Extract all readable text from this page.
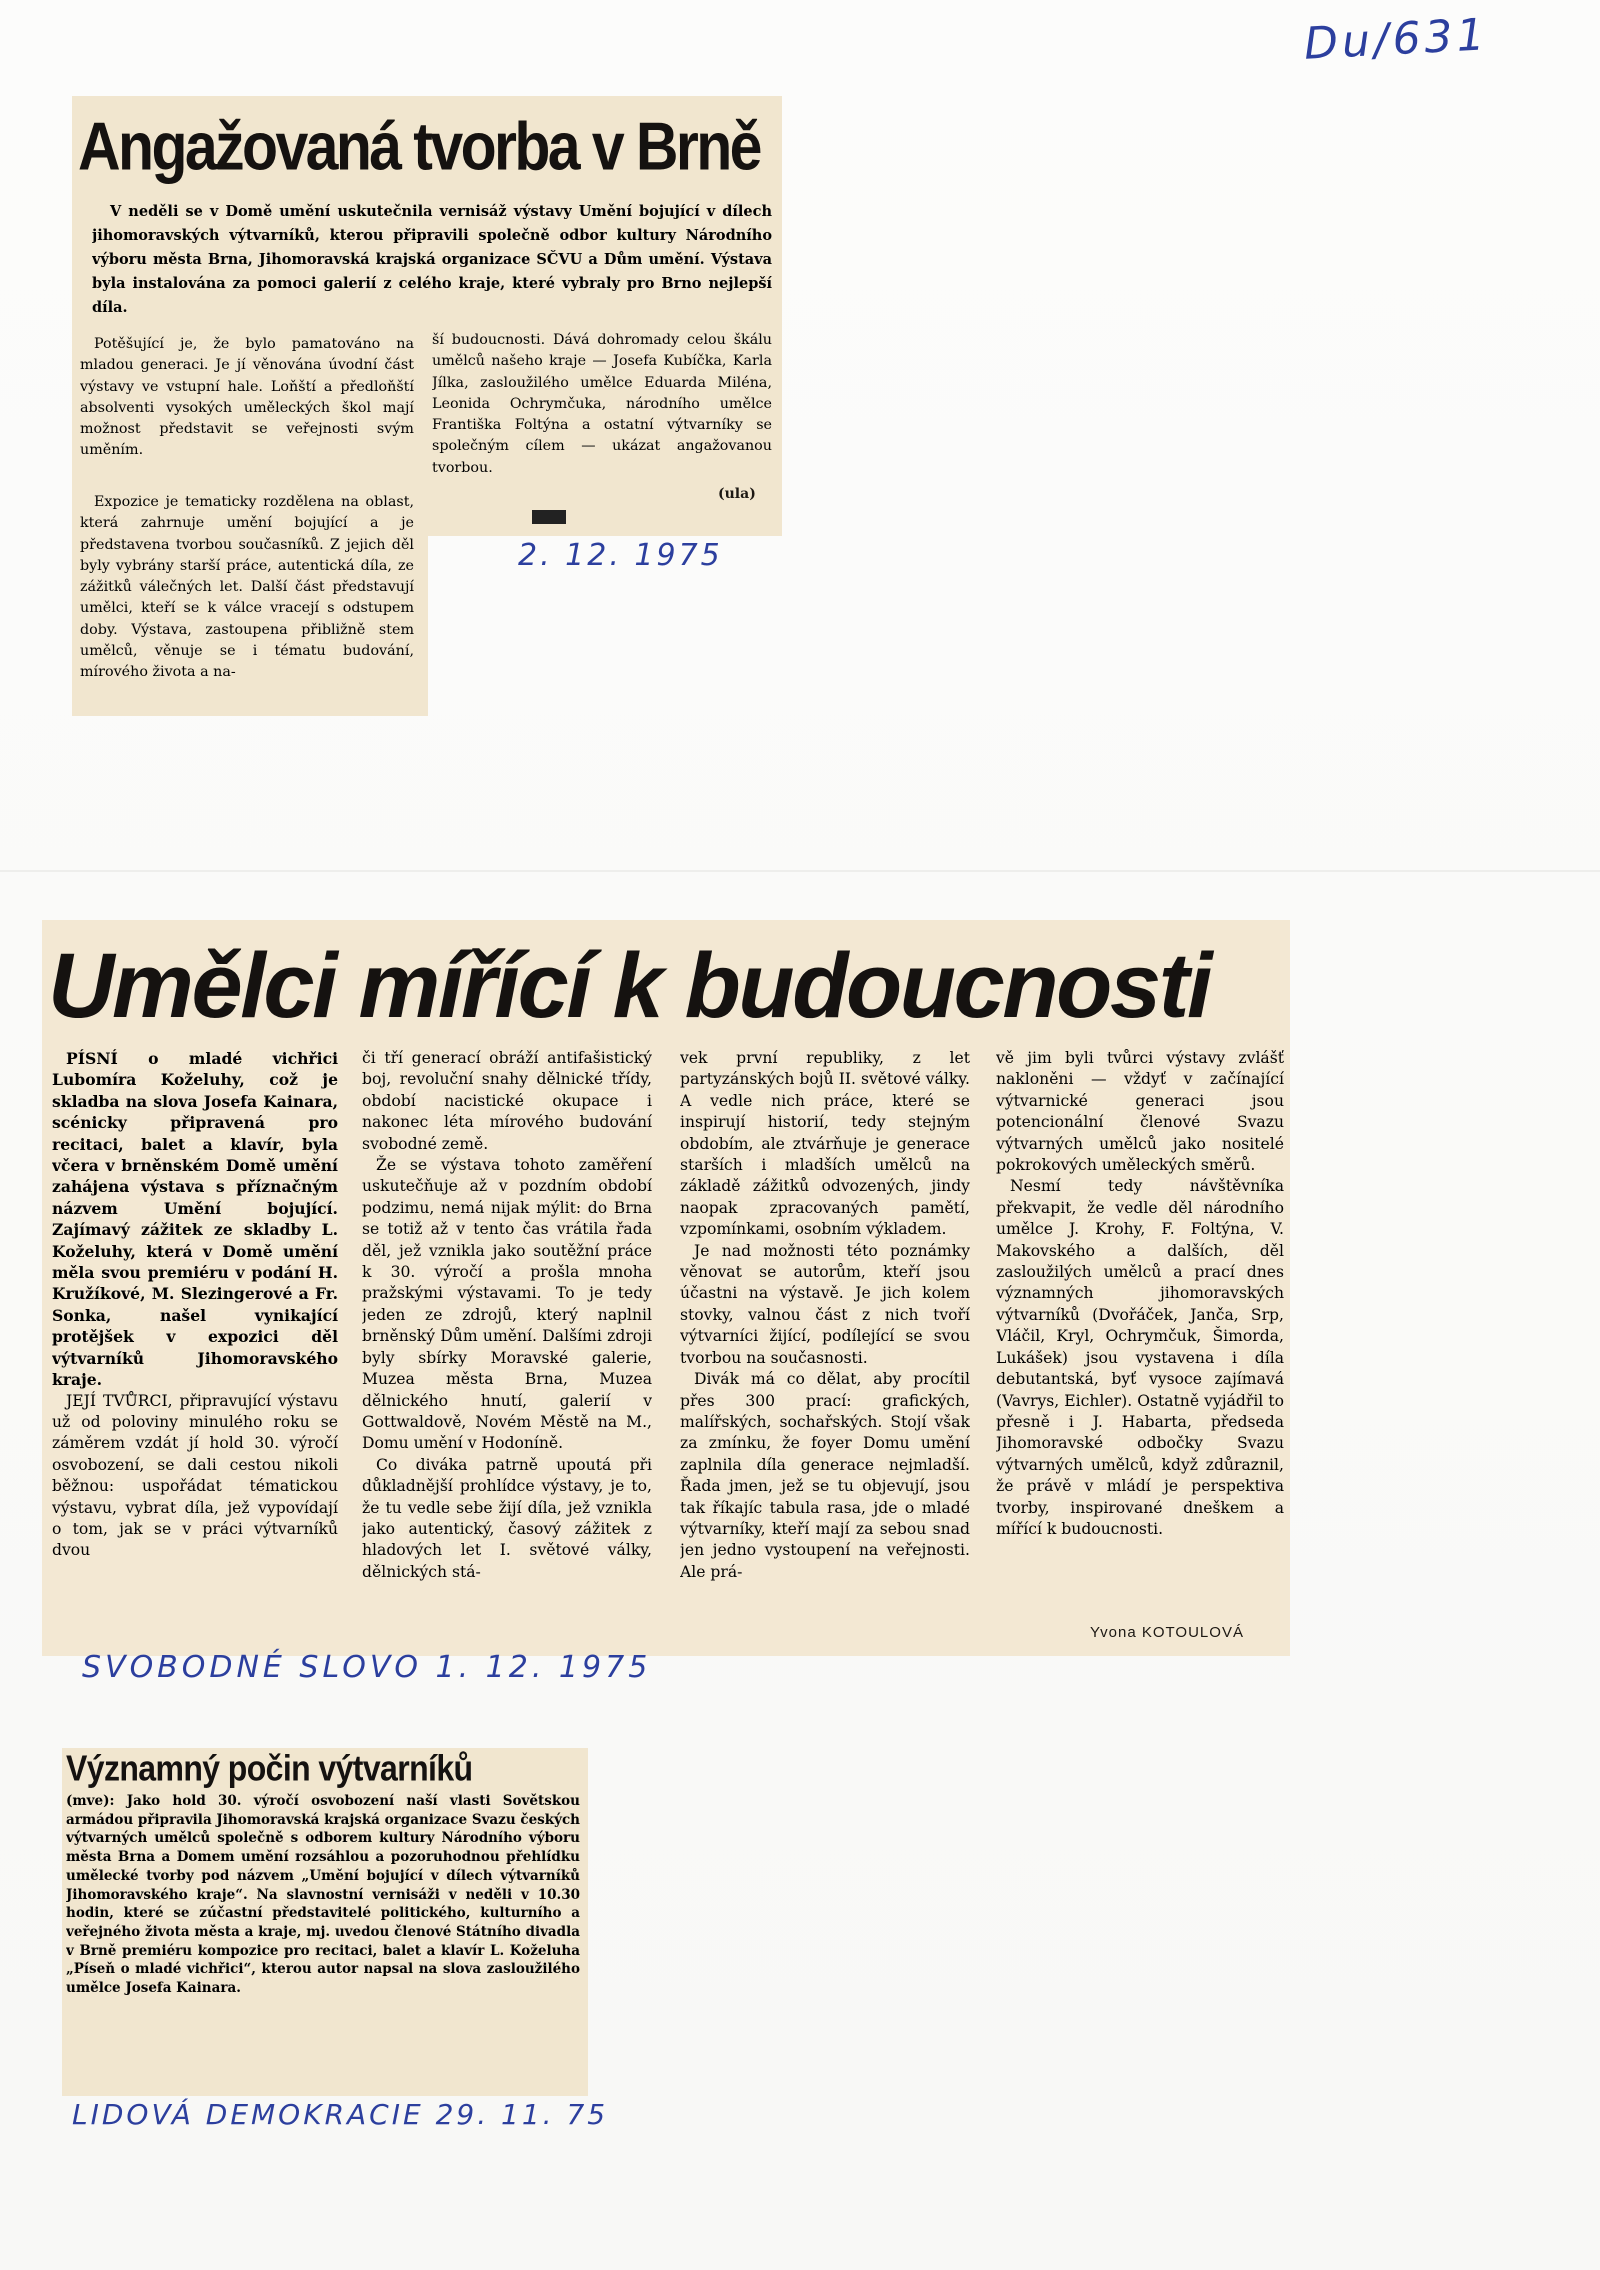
Du/631
Angažovaná tvorba v Brně
V neděli se v Domě umění uskutečnila vernisáž výstavy Umění bojující v dílech jihomoravských výtvarníků, kterou připravili společně odbor kultury Národního výboru města Brna, Jihomoravská krajská organizace SČVU a Dům umění. Výstava byla instalována za pomoci galerií z celého kraje, které vybraly pro Brno nejlepší díla.
Potěšující je, že bylo pamatováno na mladou generaci. Je jí věnována úvodní část výstavy ve vstupní hale. Loňští a předloňští absolventi vysokých uměleckých škol mají možnost představit se veřejnosti svým uměním.
ší budoucnosti. Dává dohromady celou škálu umělců našeho kraje — Josefa Kubíčka, Karla Jílka, zasloužilého umělce Eduarda Miléna, Leonida Ochrymčuka, národního umělce Františka Foltýna a ostatní výtvarníky se společným cílem — ukázat angažovanou tvorbou.
(ula)
Expozice je tematicky rozdělena na oblast, která zahrnuje umění bojující a je představena tvorbou současníků. Z jejich děl byly vybrány starší práce, autentická díla, ze zážitků válečných let. Další část představují umělci, kteří se k válce vracejí s odstupem doby. Výstava, zastoupena přibližně stem umělců, věnuje se i tématu budování, mírového života a na-
2. 12. 1975
Umělci mířící k budoucnosti

PÍSNÍ o mladé vichřici Lubomíra Koželuhy, což je skladba na slova Josefa Kainara, scénicky připravená pro recitaci, balet a klavír, byla včera v brněnském Domě umění zahájena výstava s příznačným názvem Umění bojující. Zajímavý zážitek ze skladby L. Koželuhy, která v Domě umění měla svou premiéru v podání H. Kružíkové, M. Slezingerové a Fr. Sonka, našel vynikající protějšek v expozici děl výtvarníků Jihomoravského kraje.

JEJÍ TVŮRCI, připravující výstavu už od poloviny minulého roku se záměrem vzdát jí hold 30. výročí osvobození, se dali cestou nikoli běžnou: uspořádat tématickou výstavu, vybrat díla, jež vypovídají o tom, jak se v práci výtvarníků dvou

či tří generací obráží antifašistický boj, revoluční snahy dělnické třídy, období nacistické okupace i nakonec léta mírového budování svobodné země.

Že se výstava tohoto zaměření uskutečňuje až v pozdním období podzimu, nemá nijak mýlit: do Brna se totiž až v tento čas vrátila řada děl, jež vznikla jako soutěžní práce k 30. výročí a prošla mnoha pražskými výstavami. To je tedy jeden ze zdrojů, který naplnil brněnský Dům umění. Dalšími zdroji byly sbírky Moravské galerie, Muzea města Brna, Muzea dělnického hnutí, galerií v Gottwaldově, Novém Městě na M., Domu umění v Hodoníně.

Co diváka patrně upoutá při důkladnější prohlídce výstavy, je to, že tu vedle sebe žijí díla, jež vznikla jako autentický, časový zážitek z hladových let I. světové války, dělnických stá-

vek první republiky, z let partyzánských bojů II. světové války. A vedle nich práce, které se inspirují historií, tedy stejným obdobím, ale ztvárňuje je generace starších i mladších umělců na základě zážitků odvozených, jindy naopak zpracovaných pamětí, vzpomínkami, osobním výkladem.

Je nad možnosti této poznámky věnovat se autorům, kteří jsou účastni na výstavě. Je jich kolem stovky, valnou část z nich tvoří výtvarníci žijící, podílející se svou tvorbou na současnosti.

Divák má co dělat, aby procítil přes 300 prací: grafických, malířských, sochařských. Stojí však za zmínku, že foyer Domu umění zaplnila díla generace nejmladší. Řada jmen, jež se tu objevují, jsou tak říkajíc tabula rasa, jde o mladé výtvarníky, kteří mají za sebou snad jen jedno vystoupení na veřejnosti. Ale prá-

vě jim byli tvůrci výstavy zvlášť nakloněni — vždyť v začínající výtvarnické generaci jsou potencionální členové Svazu výtvarných umělců jako nositelé pokrokových uměleckých směrů.

Nesmí tedy návštěvníka překvapit, že vedle děl národního umělce J. Krohy, F. Foltýna, V. Makovského a dalších, děl zasloužilých umělců a prací dnes významných jihomoravských výtvarníků (Dvořáček, Janča, Srp, Vláčil, Kryl, Ochrymčuk, Šimorda, Lukášek) jsou vystavena i díla debutantská, byť vysoce zajímavá (Vavrys, Eichler). Ostatně vyjádřil to přesně i J. Habarta, předseda Jihomoravské odbočky Svazu výtvarných umělců, když zdůraznil, že právě v mládí je perspektiva tvorby, inspirované dneškem a mířící k budoucnosti.

Yvona KOTOULOVÁ
SVOBODNÉ SLOVO 1. 12. 1975
Významný počin výtvarníků
(mve): Jako hold 30. výročí osvobození naší vlasti Sovětskou armádou připravila Jihomoravská krajská organizace Svazu českých výtvarných umělců společně s odborem kultury Národního výboru města Brna a Domem umění rozsáhlou a pozoruhodnou přehlídku umělecké tvorby pod názvem „Umění bojující v dílech výtvarníků Jihomoravského kraje“. Na slavnostní vernisáži v neděli v 10.30 hodin, které se zúčastní představitelé politického, kulturního a veřejného života města a kraje, mj. uvedou členové Státního divadla v Brně premiéru kompozice pro recitaci, balet a klavír L. Koželuha „Píseň o mladé vichřici“, kterou autor napsal na slova zasloužilého umělce Josefa Kainara.
LIDOVÁ DEMOKRACIE 29. 11. 75
